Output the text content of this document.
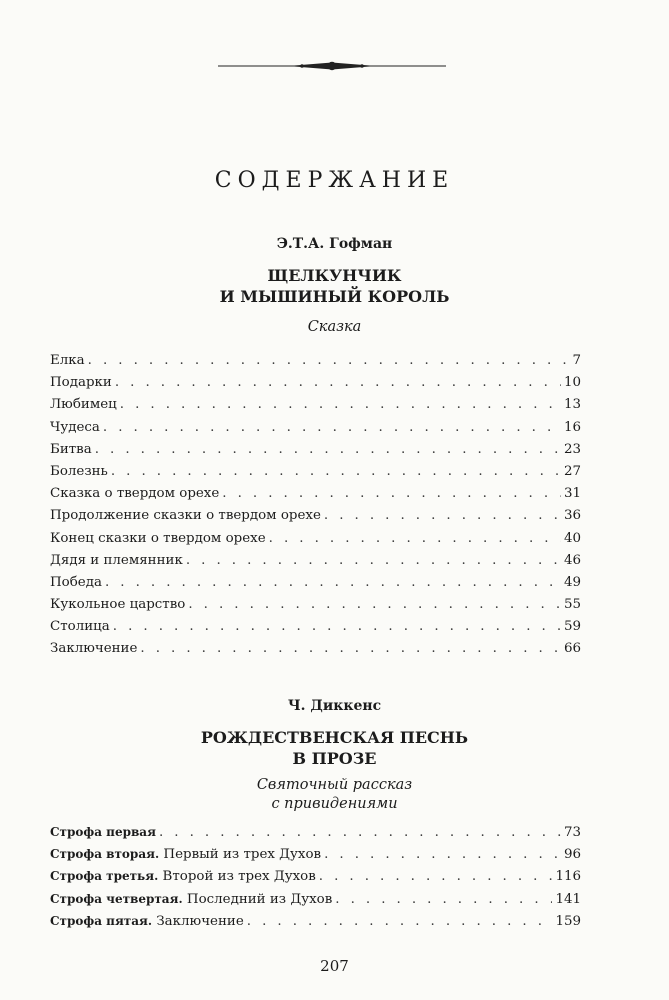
СОДЕРЖАНИЕ
Э.Т.А. Гофман
ЩЕЛКУНЧИК
И МЫШИНЫЙ КОРОЛЬ
Сказка
Елка . . .	7
Подарки . . .	10
Любимец . . .	13
Чудеса . . .	16
Битва . . .	23
Болезнь . . .	27
Сказка о твердом орехе . . .	31
Продолжение сказки о твердом орехе . . .	36
Конец сказки о твердом орехе . . .	40
Дядя и племянник . . .	46
Победа . . .	49
Кукольное царство . . .	55
Столица . . .	59
Заключение . . .	66
Ч. Диккенс
РОЖДЕСТВЕНСКАЯ ПЕСНЬ
В ПРОЗЕ
Святочный рассказ
с привидениями
Строфа первая . . .	73
Строфа вторая. Первый из трех Духов . . .	96
Строфа третья. Второй из трех Духов . . .	116
Строфа четвертая. Последний из Духов . . .	141
Строфа пятая. Заключение . . .	159
207
